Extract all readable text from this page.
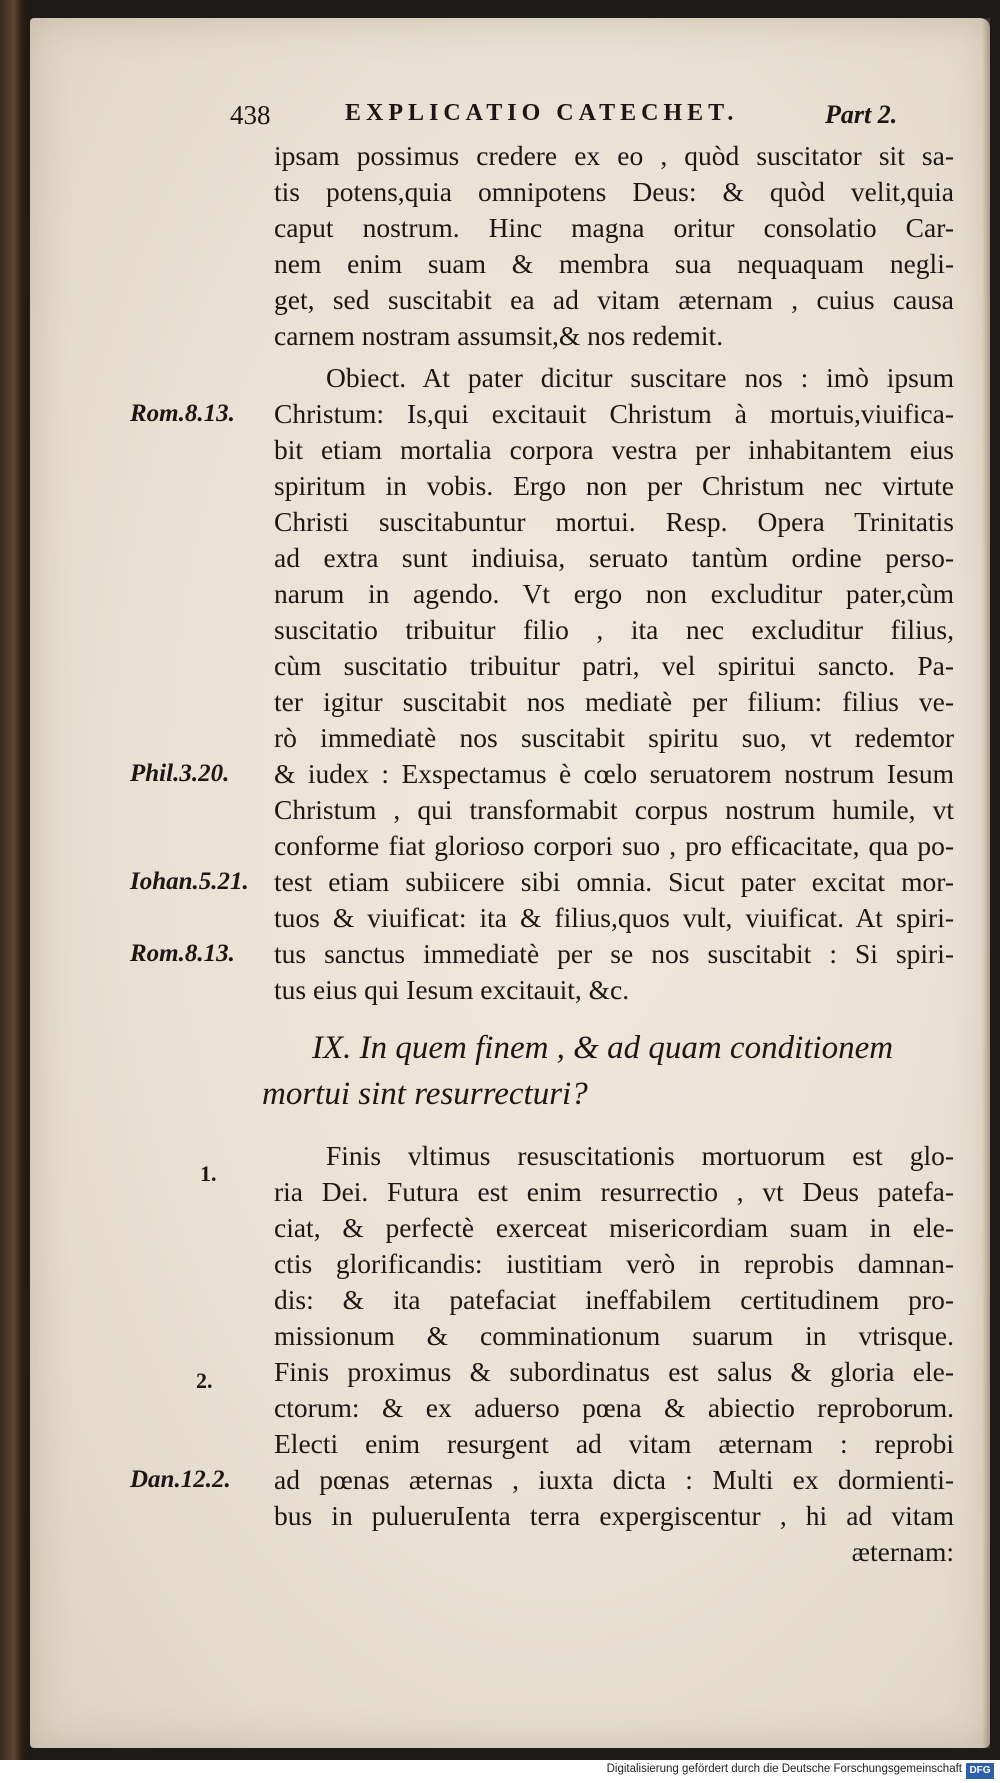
438	EXPLICATIO CATECHET.	Part 2.
ipsam possimus credere ex eo , quòd suscitator sit sa-
tis potens,quia omnipotens Deus: & quòd velit,quia
caput nostrum. Hinc magna oritur consolatio Car-
nem enim suam & membra sua nequaquam negli-
get, sed suscitabit ea ad vitam æternam , cuius causa
carnem nostram assumsit,& nos redemit.
Obiect. At pater dicitur suscitare nos : imò ipsum
Christum: Is,qui excitauit Christum à mortuis,viuifica-
bit etiam mortalia corpora vestra per inhabitantem eius
spiritum in vobis. Ergo non per Christum nec virtute
Christi suscitabuntur mortui. Resp. Opera Trinitatis
ad extra sunt indiuisa, seruato tantùm ordine perso-
narum in agendo. Vt ergo non excluditur pater,cùm
suscitatio tribuitur filio , ita nec excluditur filius,
cùm suscitatio tribuitur patri, vel spiritui sancto. Pa-
ter igitur suscitabit nos mediatè per filium: filius ve-
rò immediatè nos suscitabit spiritu suo, vt redemtor
& iudex : Exspectamus è cœlo seruatorem nostrum Iesum
Christum , qui transformabit corpus nostrum humile, vt
conforme fiat glorioso corpori suo , pro efficacitate, qua po-
test etiam subiicere sibi omnia. Sicut pater excitat mor-
tuos & viuificat: ita & filius,quos vult, viuificat. At spiri-
tus sanctus immediatè per se nos suscitabit : Si spiri-
tus eius qui Iesum excitauit, &c.
IX. In quem finem , & ad quam conditionem
mortui sint resurrecturi?
Finis vltimus resuscitationis mortuorum est glo-
ria Dei. Futura est enim resurrectio , vt Deus patefa-
ciat, & perfectè exerceat misericordiam suam in ele-
ctis glorificandis: iustitiam verò in reprobis damnan-
dis: & ita patefaciat ineffabilem certitudinem pro-
missionum & comminationum suarum in vtrisque.
Finis proximus & subordinatus est salus & gloria ele-
ctorum: & ex aduerso pœna & abiectio reproborum.
Electi enim resurgent ad vitam æternam : reprobi
ad pœnas æternas , iuxta dicta : Multi ex dormienti-
bus in pulueruIenta terra expergiscentur , hi ad vitam
æternam:
Rom.8.13.
Phil.3.20.
Iohan.5.21.
Rom.8.13.
1.
2.
Dan.12.2.
Digitalisierung gefördert durch die Deutsche Forschungsgemeinschaft DFG
